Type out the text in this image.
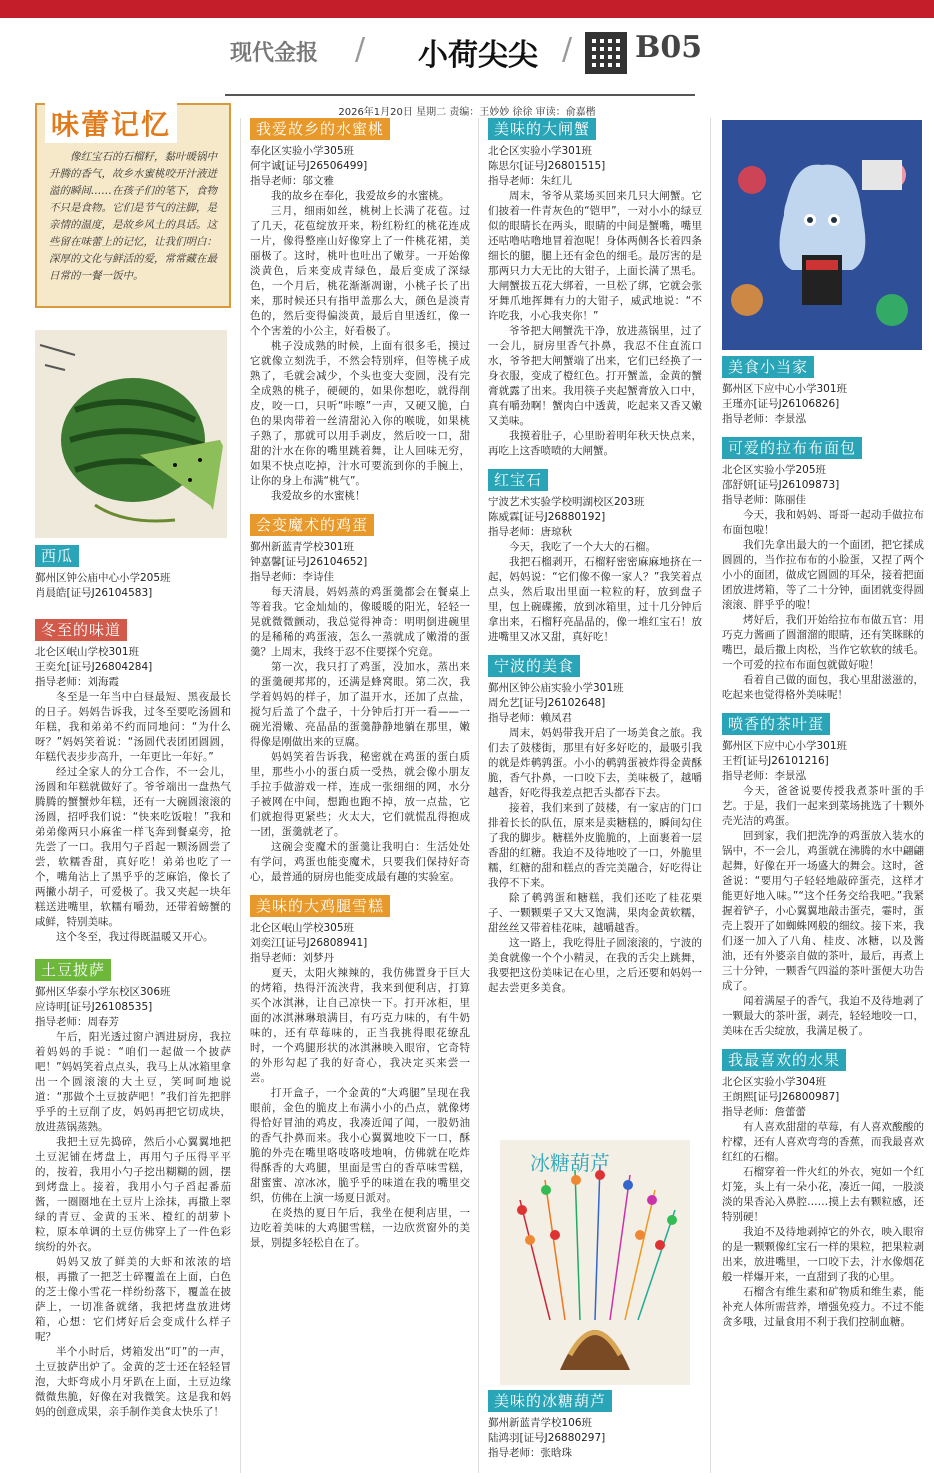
现代金报 / 小荷尖尖 / B05
2026年1月20日 星期二 责编：王妙妙 徐徐 审读：俞嘉楷
味蕾记忆
像红宝石的石榴籽，黏叶暖锅中升腾的香气，故乡水蜜桃咬开汁液迸溢的瞬间……在孩子们的笔下，食物不只是食物。它们是节气的注脚，是亲情的温度，是故乡风土的具话。这些留在味蕾上的记忆，让我们明白：深厚的文化与鲜活的爱，常常藏在最日常的一餐一饭中。
西瓜
鄞州区钟公庙中心小学205班
肖晨皓[证号J26104583]
冬至的味道
北仑区岷山学校301班
王奕允[证号J26804284]
指导老师：刘海霞

冬至是一年当中白昼最短、黑夜最长的日子。妈妈告诉我，过冬至要吃汤圆和年糕，我和弟弟不约而同地问：“为什么呀？”妈妈笑着说：“汤圆代表团团圆圆，年糕代表步步高升，一年更比一年好。”

经过全家人的分工合作，不一会儿，汤圆和年糕就做好了。爷爷端出一盘热气腾腾的蟹蟹炒年糕，还有一大碗圆滚滚的汤圆，招呼我们说：“快来吃饭啦！”我和弟弟像两只小麻雀一样飞奔到餐桌旁，抢先尝了一口。我用勺子舀起一颗汤圆尝了尝，软糯香甜，真好吃！弟弟也吃了一个，嘴角沾上了黑乎乎的芝麻馅，像长了两撇小胡子，可爱极了。我又夹起一块年糕送进嘴里，软糯有嚼劲，还带着螃蟹的咸鲜，特别美味。

这个冬至，我过得既温暖又开心。

土豆披萨
鄞州区华泰小学东校区306班
应诗明[证号J26108535]
指导老师：周春芳

午后，阳光透过窗户洒进厨房，我拉着妈妈的手说：“咱们一起做一个披萨吧！”妈妈笑着点点头，我马上从冰箱里拿出一个圆滚滚的大土豆，笑呵呵地说道：“那做个土豆披萨吧！”我们首先把胖乎乎的土豆削了皮，妈妈再把它切成块，放进蒸锅蒸熟。

我把土豆先捣碎，然后小心翼翼地把土豆泥铺在烤盘上，再用勺子压得平平的，按着，我用小勺子挖出糊糊的圆，摆到烤盘上。接着，我用小勺子舀起番茄酱，一圈圈地在土豆片上涂抹，再撒上翠绿的青豆、金黄的玉米、橙红的胡萝卜粒，原本单调的土豆仿佛穿上了一件色彩缤纷的外衣。

妈妈又放了鲜美的大虾和浓浓的培根，再撒了一把芝士碎覆盖在上面，白色的芝士像小雪花一样纷纷落下，覆盖在披萨上，一切准备就绪，我把烤盘放进烤箱，心想：它们烤好后会变成什么样子呢？

半个小时后，烤箱发出“叮”的一声，土豆披萨出炉了。金黄的芝士还在轻轻冒泡，大虾弯成小月牙趴在上面，土豆边缘微微焦脆，好像在对我微笑。这是我和妈妈的创意成果，亲手制作美食太快乐了！

我爱故乡的水蜜桃
奉化区实验小学305班
何宇诚[证号J26506499]
指导老师：邬文雅

我的故乡在奉化，我爱故乡的水蜜桃。

三月，细雨如丝，桃树上长满了花苞。过了几天，花苞绽放开来，粉红粉红的桃花连成一片，像得整座山好像穿上了一件桃花裙，美丽极了。这时，桃叶也吐出了嫩芽。一开始像淡黄色，后来变成青绿色，最后变成了深绿色，一个月后，桃花渐渐凋谢，小桃子长了出来，那时候还只有指甲盖那么大，颜色是淡青色的，然后变得偏淡黄，最后自里透红，像一个个害羞的小公主，好看极了。

桃子没成熟的时候，上面有很多毛，摸过它就像立刻洗手，不然会特别痒，但等桃子成熟了，毛就会减少，个头也变大变圆，没有完全成熟的桃子，硬硬的，如果你想吃，就得削皮，咬一口，只听“咔嚓”一声，又硬又脆，白色的果肉带着一丝清甜沁入你的喉咙，如果桃子熟了，那就可以用手剥皮，然后咬一口，甜甜的汁水在你的嘴里跳着舞，让人回味无穷，如果不快点吃掉，汁水可要流到你的手腕上，让你的身上布满“桃气”。

我爱故乡的水蜜桃！

会变魔术的鸡蛋
鄞州新蓝青学校301班
钟嘉馨[证号J26104652]
指导老师：李诗佳

每天清晨，妈妈蒸的鸡蛋羹都会在餐桌上等着我。它金灿灿的，像暖暖的阳光，轻轻一晃就微微颤动，我总觉得神奇：明明倒进碗里的是稀稀的鸡蛋液，怎么一蒸就成了嫩滑的蛋羹？上周末，我终于忍不住要探个究竟。

第一次，我只打了鸡蛋，没加水，蒸出来的蛋羹硬邦邦的，还满是蜂窝眼。第二次，我学着妈妈的样子，加了温开水，还加了点盐，搅匀后盖了个盘子，十分钟后打开一看——一碗光滑嫩、亮晶晶的蛋羹静静地躺在那里，嫩得像是刚做出来的豆腐。

妈妈笑着告诉我，秘密就在鸡蛋的蛋白质里，那些小小的蛋白质一受热，就会像小朋友手拉手做游戏一样，连成一张细细的网，水分子被网在中间，想跑也跑不掉，放一点盐，它们就抱得更紧些；火太大，它们就慌乱得抱成一团，蛋羹就老了。

这碗会变魔术的蛋羹让我明白：生活处处有学问，鸡蛋也能变魔术，只要我们保持好奇心，最普通的厨房也能变成最有趣的实验室。

美味的大鸡腿雪糕
北仑区岷山学校305班
刘奕江[证号J26808941]
指导老师：刘梦丹

夏天，太阳火辣辣的，我仿佛置身于巨大的烤箱，热得汗流浃背，我来到便利店，打算买个冰淇淋，让自己凉快一下。打开冰柜，里面的冰淇淋琳琅满目，有巧克力味的，有牛奶味的，还有草莓味的，正当我挑得眼花缭乱时，一个鸡腿形状的冰淇淋映入眼帘，它奇特的外形勾起了我的好奇心，我决定买来尝一尝。

打开盒子，一个金黄的“大鸡腿”呈现在我眼前，金色的脆皮上布满小小的凸点，就像烤得恰好冒油的鸡皮，我凑近闻了闻，一股奶油的香气扑鼻而来。我小心翼翼地咬下一口，酥脆的外壳在嘴里咯吱咯吱地响，仿佛就在吃炸得酥香的大鸡腿，里面是雪白的香草味雪糕，甜蜜蜜、凉冰冰，脆乎乎的味道在我的嘴里交织，仿佛在上演一场夏日派对。

在炎热的夏日午后，我坐在便利店里，一边吃着美味的大鸡腿雪糕，一边欣赏窗外的美景，别提多轻松自在了。

美味的大闸蟹
北仑区实验小学301班
陈思尔[证号J26801515]
指导老师：朱红儿

周末，爷爷从菜场买回来几只大闸蟹。它们披着一件青灰色的“铠甲”，一对小小的绿豆似的眼睛长在两头，眼睛的中间是蟹嘴，嘴里还咕噜咕噜地冒着泡呢！身体两侧各长着四条细长的腿，腿上还有金色的细毛。最厉害的是那两只力大无比的大钳子，上面长满了黑毛。大闸蟹拔五花大绑着，一旦松了绑，它就会张牙舞爪地挥舞有力的大钳子，威武地说：“不许吃我，小心我夹你！”

爷爷把大闸蟹洗干净，放进蒸锅里，过了一会儿，厨房里香气扑鼻，我忍不住直流口水，爷爷把大闸蟹端了出来，它们已经换了一身衣服，变成了橙红色。打开蟹盖，金黄的蟹膏就露了出来。我用筷子夹起蟹膏放入口中，真有嚼劲啊！蟹肉白中透黄，吃起来又香又嫩又美味。

我摸着肚子，心里盼着明年秋天快点来，再吃上这香喷喷的大闸蟹。

红宝石
宁波艺术实验学校明湖校区203班
陈威霖[证号J26880192]
指导老师：唐琼秋

今天，我吃了一个大大的石榴。

我把石榴剥开，石榴籽密密麻麻地挤在一起，妈妈说：“它们像不像一家人？”我笑着点点头，然后取出里面一粒粒的籽，放到盘子里，包上碗碟搬，放到冰箱里，过十几分钟后拿出来，石榴籽亮晶晶的，像一堆红宝石！放进嘴里又冰又甜，真好吃！

宁波的美食
鄞州区钟公庙实验小学301班
周允艺[证号J26102648]
指导老师：赖凤君

周末，妈妈带我开启了一场美食之旅。我们去了鼓楼街，那里有好多好吃的，最吸引我的就是炸鹌鹑蛋。小小的鹌鹑蛋被炸得金黄酥脆，香气扑鼻，一口咬下去，美味极了，越嚼越香，好吃得我差点把舌头都吞下去。

接着，我们来到了鼓楼，有一家店的门口排着长长的队伍，原来是卖糖糕的，瞬间勾住了我的脚步。糖糕外皮脆脆的，上面裹着一层香甜的红糖。我迫不及待地咬了一口，外脆里糯，红糖的甜和糕点的香完美融合，好吃得让我停不下来。

除了鹌鹑蛋和糖糕，我们还吃了桂花栗子、一颗颗栗子又大又饱满，果肉金黄软糯，甜丝丝又带着桂花味，越嚼越香。

这一路上，我吃得肚子圆滚滚的，宁波的美食就像一个个小精灵，在我的舌尖上跳舞，我要把这份美味记在心里，之后还要和妈妈一起去尝更多美食。

冰糖葫芦
美味的冰糖葫芦
鄞州新蓝青学校106班
陆鸿羽[证号J26880297]
指导老师：张晗珠
美食小当家
鄞州区下应中心小学301班
王瑾亦[证号J26106826]
指导老师：李景泓
可爱的拉布布面包
北仑区实验小学205班
邵舒妍[证号J26109873]
指导老师：陈丽佳

今天，我和妈妈、哥哥一起动手做拉布布面包啦！

我们先拿出最大的一个面团，把它揉成圆圆的，当作拉布布的小脸蛋，又捏了两个小小的面团，做成它圆圆的耳朵，接着把面团放进烤箱，等了二十分钟，面团就变得圆滚滚、胖乎乎的啦！

烤好后，我们开始给拉布布做五官：用巧克力酱画了圆溜溜的眼睛，还有笑眯眯的嘴巴，最后撒上肉松，当作它软软的绒毛。一个可爱的拉布布面包就做好啦！

看着自己做的面包，我心里甜滋滋的，吃起来也觉得格外美味呢！

喷香的茶叶蛋
鄞州区下应中心小学301班
王哲[证号J26101216]
指导老师：李景泓

今天，爸爸说要传授我煮茶叶蛋的手艺。于是，我们一起来到菜场挑选了十颗外壳光洁的鸡蛋。

回到家，我们把洗净的鸡蛋放入装水的锅中，不一会儿，鸡蛋就在沸腾的水中翩翩起舞，好像在开一场盛大的舞会。这时，爸爸说：“要用勺子轻轻地敲碎蛋壳，这样才能更好地入味。”“这个任务交给我吧。”我紧握着铲子，小心翼翼地敲击蛋壳，霎时，蛋壳上裂开了如蜘蛛网般的细纹。接下来，我们逐一加入了八角、桂皮、冰糖，以及酱油，还有外婆亲自做的茶叶，最后，再煮上三十分钟，一颗香气四溢的茶叶蛋便大功告成了。

闻着满屋子的香气，我迫不及待地剥了一颗最大的茶叶蛋，剥壳，轻轻地咬一口，美味在舌尖绽放，我满足极了。

我最喜欢的水果
北仑区实验小学304班
王朗熙[证号J26800987]
指导老师：詹蕾蕾

有人喜欢甜甜的草莓，有人喜欢酸酸的柠檬，还有人喜欢弯弯的香蕉，而我最喜欢红红的石榴。

石榴穿着一件火红的外衣，宛如一个红灯笼，头上有一朵小花，凑近一闻，一股淡淡的果香沁入鼻腔……摸上去有颗粒感，还特别硬！

我迫不及待地剥掉它的外衣，映入眼帘的是一颗颗像红宝石一样的果粒，把果粒剥出来，放进嘴里，一口咬下去，汁水像烟花般一样爆开来，一直甜到了我的心里。

石榴含有维生素和矿物质和维生素，能补充人体所需营养，增强免疫力。不过不能贪多哦，过量食用不利于我们控制血糖。
